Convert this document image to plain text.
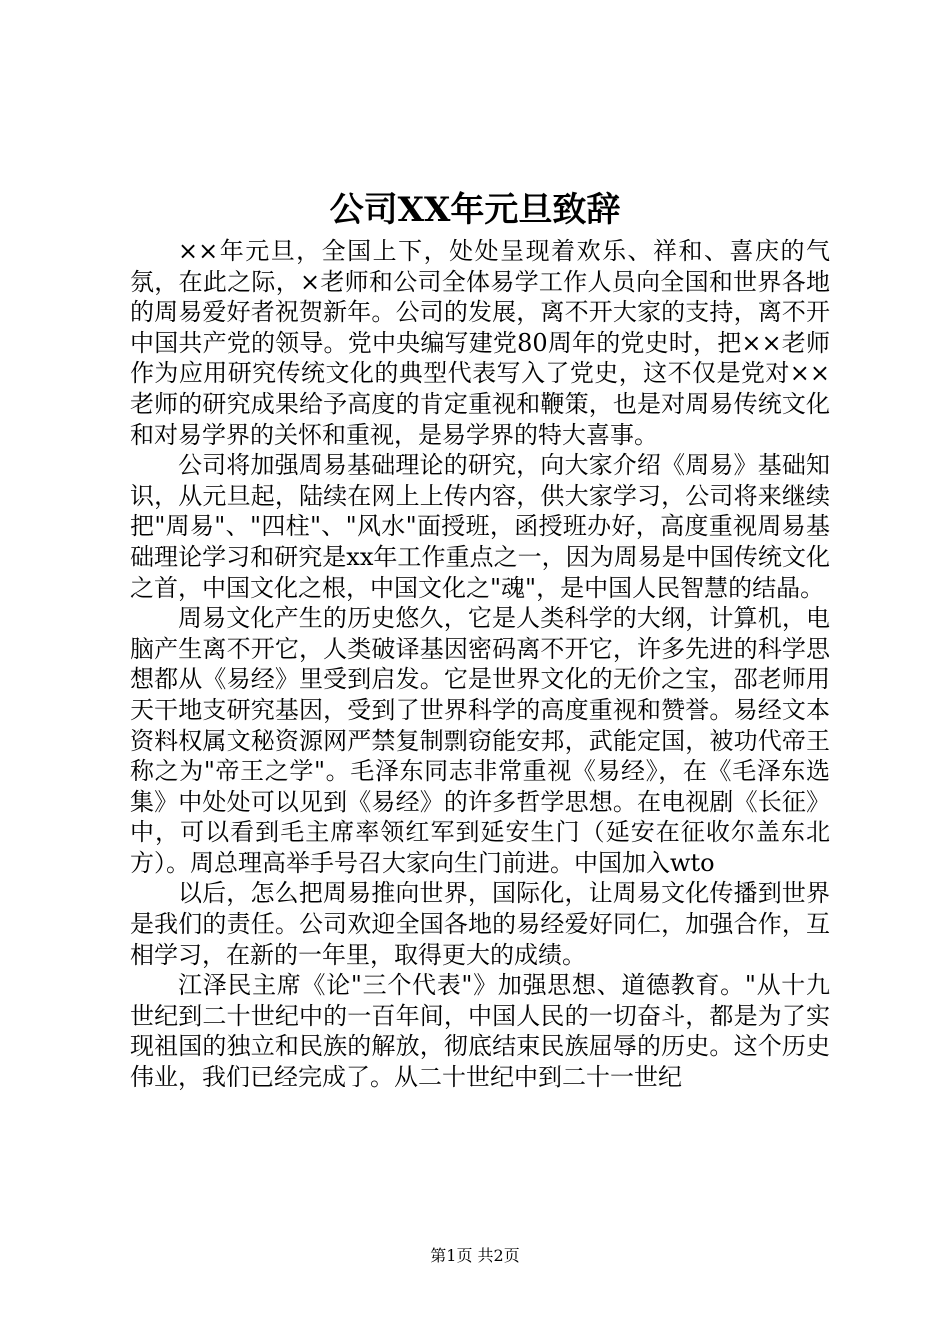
公司XX年元旦致辞

××年元旦，全国上下，处处呈现着欢乐、祥和、喜庆的气氛，在此之际，×老师和公司全体易学工作人员向全国和世界各地的周易爱好者祝贺新年。公司的发展，离不开大家的支持，离不开中国共产党的领导。党中央编写建党80周年的党史时，把××老师作为应用研究传统文化的典型代表写入了党史，这不仅是党对××老师的研究成果给予高度的肯定重视和鞭策，也是对周易传统文化和对易学界的关怀和重视，是易学界的特大喜事。

公司将加强周易基础理论的研究，向大家介绍《周易》基础知识，从元旦起，陆续在网上上传内容，供大家学习，公司将来继续把"周易"、"四柱"、"风水"面授班，函授班办好，高度重视周易基础理论学习和研究是xx年工作重点之一，因为周易是中国传统文化之首，中国文化之根，中国文化之"魂"，是中国人民智慧的结晶。

周易文化产生的历史悠久，它是人类科学的大纲，计算机，电脑产生离不开它，人类破译基因密码离不开它，许多先进的科学思想都从《易经》里受到启发。它是世界文化的无价之宝，邵老师用天干地支研究基因，受到了世界科学的高度重视和赞誉。易经文本资料权属文秘资源网严禁复制剽窃能安邦，武能定国，被功代帝王称之为"帝王之学"。毛泽东同志非常重视《易经》，在《毛泽东选集》中处处可以见到《易经》的许多哲学思想。在电视剧《长征》中，可以看到毛主席率领红军到延安生门（延安在征收尔盖东北方）。周总理高举手号召大家向生门前进。中国加入wto

以后，怎么把周易推向世界，国际化，让周易文化传播到世界是我们的责任。公司欢迎全国各地的易经爱好同仁，加强合作，互相学习，在新的一年里，取得更大的成绩。

江泽民主席《论"三个代表"》加强思想、道德教育。"从十九世纪到二十世纪中的一百年间，中国人民的一切奋斗，都是为了实现祖国的独立和民族的解放，彻底结束民族屈辱的历史。这个历史伟业，我们已经完成了。从二十世纪中到二十一世纪

第1页 共2页
